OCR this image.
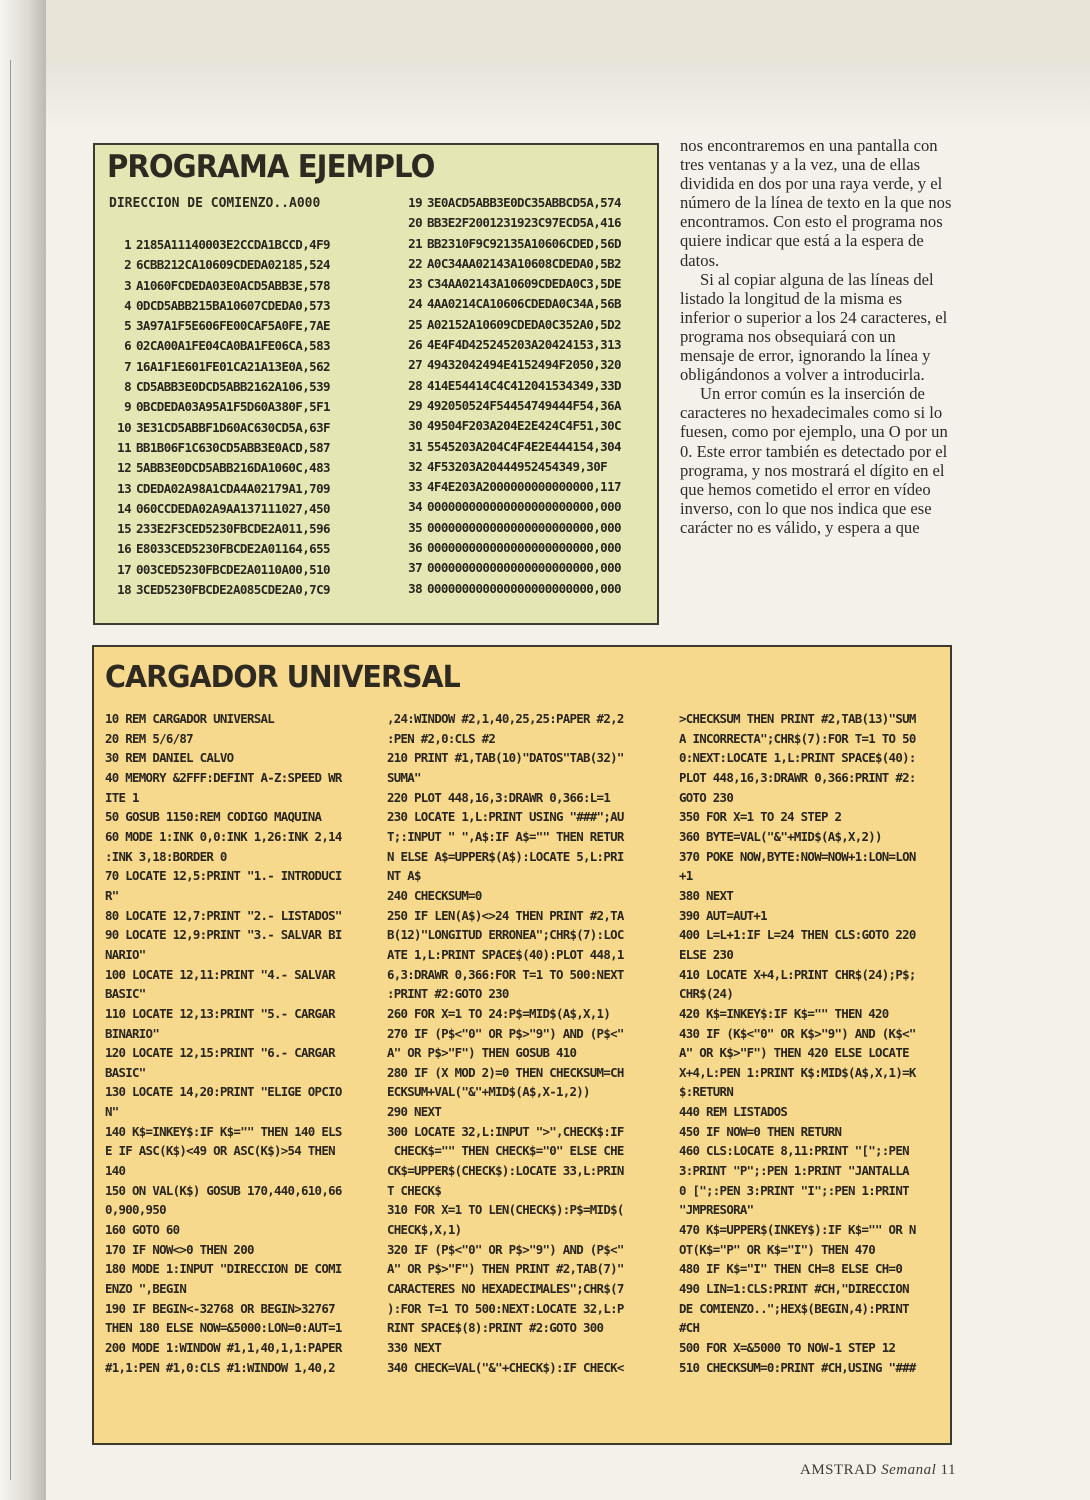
PROGRAMA EJEMPLO
DIRECCION DE COMIENZO..A000
1 2185A11140003E2CCDA1BCCD,4F9
2 6CBB212CA10609CDEDA02185,524
3 A1060FCDEDA03E0ACD5ABB3E,578
4 0DCD5ABB215BA10607CDEDA0,573
5 3A97A1F5E606FE00CAF5A0FE,7AE
6 02CA00A1FE04CA0BA1FE06CA,583
7 16A1F1E601FE01CA21A13E0A,562
8 CD5ABB3E0DCD5ABB2162A106,539
9 0BCDEDA03A95A1F5D60A380F,5F1
10 3E31CD5ABBF1D60AC630CD5A,63F
11 BB1B06F1C630CD5ABB3E0ACD,587
12 5ABB3E0DCD5ABB216DA1060C,483
13 CDEDA02A98A1CDA4A02179A1,709
14 060CCDEDA02A9AA137111027,450
15 233E2F3CED5230FBCDE2A011,596
16 E8033CED5230FBCDE2A01164,655
17 003CED5230FBCDE2A0110A00,510
18 3CED5230FBCDE2A085CDE2A0,7C9
19 3E0ACD5ABB3E0DC35ABBCD5A,574
20 BB3E2F2001231923C97ECD5A,416
21 BB2310F9C92135A10606CDED,56D
22 A0C34AA02143A10608CDEDA0,5B2
23 C34AA02143A10609CDEDA0C3,5DE
24 4AA0214CA10606CDEDA0C34A,56B
25 A02152A10609CDEDA0C352A0,5D2
26 4E4F4D425245203A20424153,313
27 49432042494E4152494F2050,320
28 414E54414C4C412041534349,33D
29 492050524F54454749444F54,36A
30 49504F203A204E2E424C4F51,30C
31 5545203A204C4F4E2E444154,304
32 4F53203A20444952454349,30F
33 4F4E203A2000000000000000,117
34 000000000000000000000000,000
35 000000000000000000000000,000
36 000000000000000000000000,000
37 000000000000000000000000,000
38 000000000000000000000000,000

nos encontraremos en una pantalla con tres ventanas y a la vez, una de ellas dividida en dos por una raya verde, y el número de la línea de texto en la que nos encontramos. Con esto el programa nos quiere indicar que está a la espera de datos.

Si al copiar alguna de las líneas del listado la longitud de la misma es inferior o superior a los 24 caracteres, el programa nos obsequiará con un mensaje de error, ignorando la línea y obligándonos a volver a introducirla.

Un error común es la inserción de caracteres no hexadecimales como si lo fuesen, como por ejemplo, una O por un 0. Este error también es detectado por el programa, y nos mostrará el dígito en el que hemos cometido el error en vídeo inverso, con lo que nos indica que ese carácter no es válido, y espera a que

CARGADOR UNIVERSAL
10 REM CARGADOR UNIVERSAL
20 REM 5/6/87
30 REM DANIEL CALVO
40 MEMORY &2FFF:DEFINT A-Z:SPEED WR
ITE 1
50 GOSUB 1150:REM CODIGO MAQUINA
60 MODE 1:INK 0,0:INK 1,26:INK 2,14
:INK 3,18:BORDER 0
70 LOCATE 12,5:PRINT "1.- INTRODUCI
R"
80 LOCATE 12,7:PRINT "2.- LISTADOS"
90 LOCATE 12,9:PRINT "3.- SALVAR BI
NARIO"
100 LOCATE 12,11:PRINT "4.- SALVAR
BASIC"
110 LOCATE 12,13:PRINT "5.- CARGAR
BINARIO"
120 LOCATE 12,15:PRINT "6.- CARGAR
BASIC"
130 LOCATE 14,20:PRINT "ELIGE OPCIO
N"
140 K$=INKEY$:IF K$="" THEN 140 ELS
E IF ASC(K$)<49 OR ASC(K$)>54 THEN
140
150 ON VAL(K$) GOSUB 170,440,610,66
0,900,950
160 GOTO 60
170 IF NOW<>0 THEN 200
180 MODE 1:INPUT "DIRECCION DE COMI
ENZO ",BEGIN
190 IF BEGIN<-32768 OR BEGIN>32767
THEN 180 ELSE NOW=&5000:LON=0:AUT=1
200 MODE 1:WINDOW #1,1,40,1,1:PAPER
#1,1:PEN #1,0:CLS #1:WINDOW 1,40,2
,24:WINDOW #2,1,40,25,25:PAPER #2,2
:PEN #2,0:CLS #2
210 PRINT #1,TAB(10)"DATOS"TAB(32)"
SUMA"
220 PLOT 448,16,3:DRAWR 0,366:L=1
230 LOCATE 1,L:PRINT USING "###";AU
T;:INPUT " ",A$:IF A$="" THEN RETUR
N ELSE A$=UPPER$(A$):LOCATE 5,L:PRI
NT A$
240 CHECKSUM=0
250 IF LEN(A$)<>24 THEN PRINT #2,TA
B(12)"LONGITUD ERRONEA";CHR$(7):LOC
ATE 1,L:PRINT SPACE$(40):PLOT 448,1
6,3:DRAWR 0,366:FOR T=1 TO 500:NEXT
:PRINT #2:GOTO 230
260 FOR X=1 TO 24:P$=MID$(A$,X,1)
270 IF (P$<"0" OR P$>"9") AND (P$<"
A" OR P$>"F") THEN GOSUB 410
280 IF (X MOD 2)=0 THEN CHECKSUM=CH
ECKSUM+VAL("&"+MID$(A$,X-1,2))
290 NEXT
300 LOCATE 32,L:INPUT ">",CHECK$:IF
CHECK$="" THEN CHECK$="0" ELSE CHE
CK$=UPPER$(CHECK$):LOCATE 33,L:PRIN
T CHECK$
310 FOR X=1 TO LEN(CHECK$):P$=MID$(
CHECK$,X,1)
320 IF (P$<"0" OR P$>"9") AND (P$<"
A" OR P$>"F") THEN PRINT #2,TAB(7)"
CARACTERES NO HEXADECIMALES";CHR$(7
):FOR T=1 TO 500:NEXT:LOCATE 32,L:P
RINT SPACE$(8):PRINT #2:GOTO 300
330 NEXT
340 CHECK=VAL("&"+CHECK$):IF CHECK<
>CHECKSUM THEN PRINT #2,TAB(13)"SUM
A INCORRECTA";CHR$(7):FOR T=1 TO 50
0:NEXT:LOCATE 1,L:PRINT SPACE$(40):
PLOT 448,16,3:DRAWR 0,366:PRINT #2:
GOTO 230
350 FOR X=1 TO 24 STEP 2
360 BYTE=VAL("&"+MID$(A$,X,2))
370 POKE NOW,BYTE:NOW=NOW+1:LON=LON
+1
380 NEXT
390 AUT=AUT+1
400 L=L+1:IF L=24 THEN CLS:GOTO 220
ELSE 230
410 LOCATE X+4,L:PRINT CHR$(24);P$;
CHR$(24)
420 K$=INKEY$:IF K$="" THEN 420
430 IF (K$<"0" OR K$>"9") AND (K$<"
A" OR K$>"F") THEN 420 ELSE LOCATE
X+4,L:PEN 1:PRINT K$:MID$(A$,X,1)=K
$:RETURN
440 REM LISTADOS
450 IF NOW=0 THEN RETURN
460 CLS:LOCATE 8,11:PRINT "[";:PEN
3:PRINT "P";:PEN 1:PRINT "JANTALLA
0 [";:PEN 3:PRINT "I";:PEN 1:PRINT
"JMPRESORA"
470 K$=UPPER$(INKEY$):IF K$="" OR N
OT(K$="P" OR K$="I") THEN 470
480 IF K$="I" THEN CH=8 ELSE CH=0
490 LIN=1:CLS:PRINT #CH,"DIRECCION
DE COMIENZO..";HEX$(BEGIN,4):PRINT
#CH
500 FOR X=&5000 TO NOW-1 STEP 12
510 CHECKSUM=0:PRINT #CH,USING "###
AMSTRAD Semanal 11
